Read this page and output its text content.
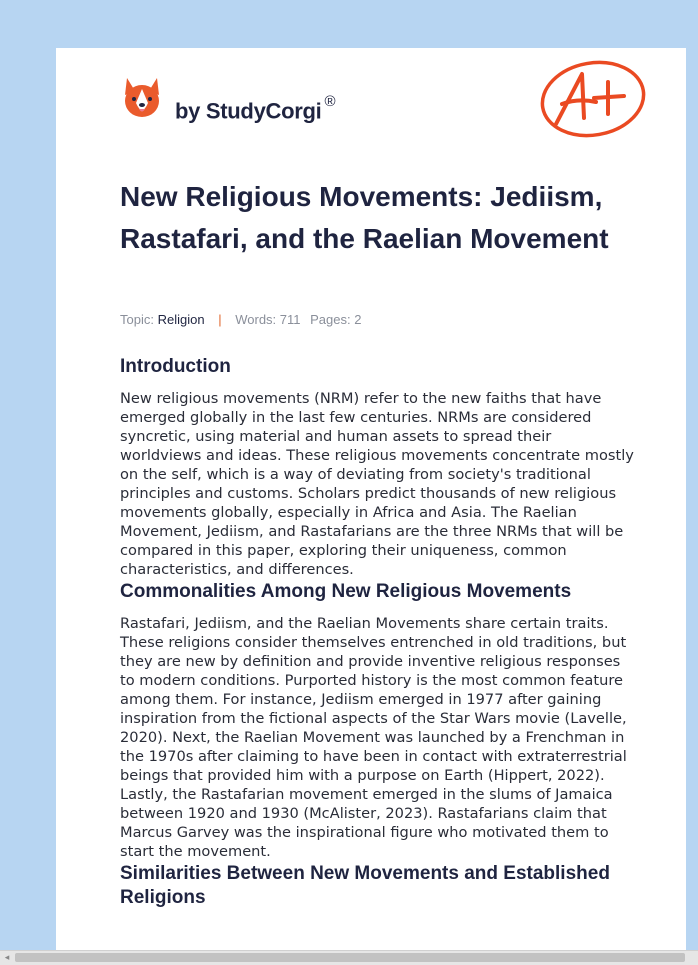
by StudyCorgi ®
New Religious Movements: Jediism, Rastafari, and the Raelian Movement
Topic: Religion | Words: 711 Pages: 2
Introduction

New religious movements (NRM) refer to the new faiths that have emerged globally in the last few centuries. NRMs are considered syncretic, using material and human assets to spread their worldviews and ideas. These religious movements concentrate mostly on the self, which is a way of deviating from society's traditional principles and customs. Scholars predict thousands of new religious movements globally, especially in Africa and Asia. The Raelian Movement, Jediism, and Rastafarians are the three NRMs that will be compared in this paper, exploring their uniqueness, common characteristics, and differences.

Commonalities Among New Religious Movements

Rastafari, Jediism, and the Raelian Movements share certain traits. These religions consider themselves entrenched in old traditions, but they are new by definition and provide inventive religious responses to modern conditions. Purported history is the most common feature among them. For instance, Jediism emerged in 1977 after gaining inspiration from the fictional aspects of the Star Wars movie (Lavelle, 2020). Next, the Raelian Movement was launched by a Frenchman in the 1970s after claiming to have been in contact with extraterrestrial beings that provided him with a purpose on Earth (Hippert, 2022). Lastly, the Rastafarian movement emerged in the slums of Jamaica between 1920 and 1930 (McAlister, 2023). Rastafarians claim that Marcus Garvey was the inspirational figure who motivated them to start the movement.

Similarities Between New Movements and Established Religions
◂
